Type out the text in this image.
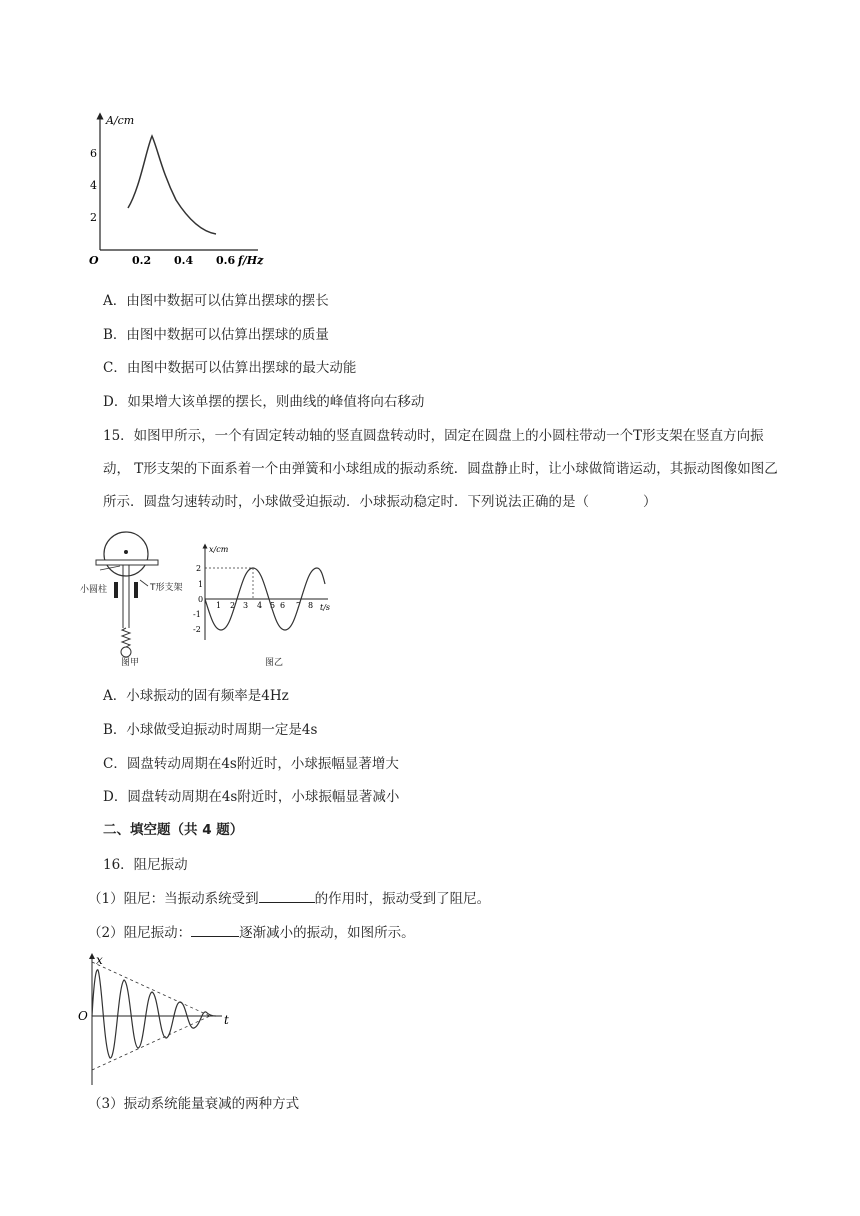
A/cm
O
6
4
2
0.2 0.4 0.6 f/Hz
A．由图中数据可以估算出摆球的摆长
B．由图中数据可以估算出摆球的质量
C．由图中数据可以估算出摆球的最大动能
D．如果增大该单摆的摆长，则曲线的峰值将向右移动
15．如图甲所示，一个有固定转动轴的竖直圆盘转动时，固定在圆盘上的小圆柱带动一个T形支架在竖直方向振动， T形支架的下面系着一个由弹簧和小球组成的振动系统．圆盘静止时，让小球做简谐运动，其振动图像如图乙所示．圆盘匀速转动时，小球做受迫振动．小球振动稳定时．下列说法正确的是（　　　　）
小圆柱	T形支架
图甲
x/cm
t/s
0
2
1
-1
-2
1 2 3 4 5 6 7 8
图乙
A．小球振动的固有频率是4Hz
B．小球做受迫振动时周期一定是4s
C．圆盘转动周期在4s附近时，小球振幅显著增大
D．圆盘转动周期在4s附近时，小球振幅显著减小
二、填空题（共 4 题）
16．阻尼振动
（1）阻尼：当振动系统受到	的作用时，振动受到了阻尼。
（2）阻尼振动：	逐渐减小的振动，如图所示。
x
O	t
（3）振动系统能量衰减的两种方式
